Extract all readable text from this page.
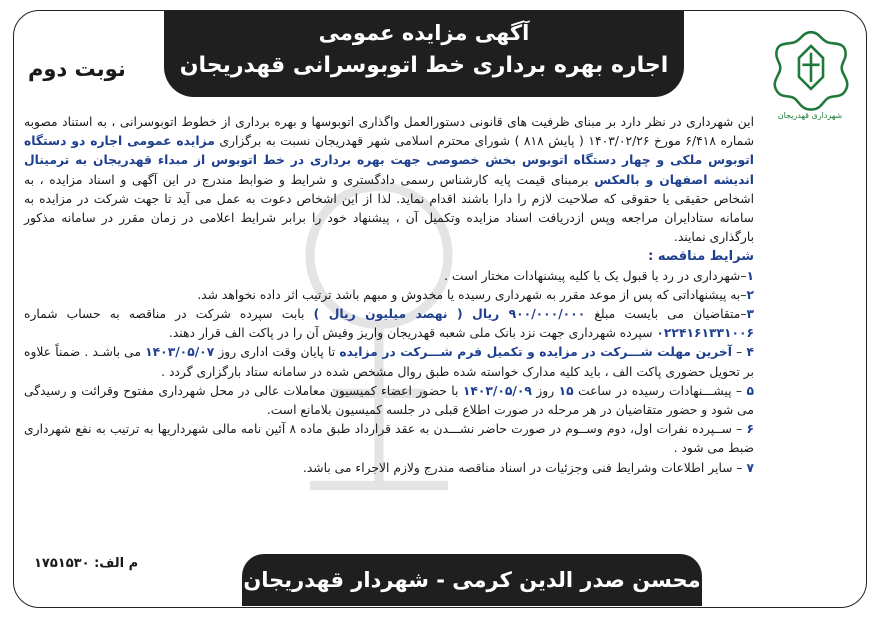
آگهی مزایده عمومی
اجاره بهره برداری خط اتوبوسرانی قهدریجان
نوبت دوم
شهرداری قهدریجان

این شهرداری در نظر دارد بر مبنای ظرفیت های قانونی دستورالعمل واگذاری اتوبوسها و بهره برداری از خطوط اتوبوسرانی ، به استناد مصوبه شماره ۶/۴۱۸ مورخ ۱۴۰۳/۰۲/۲۶ ( پایش ۸۱۸ ) شورای محترم اسلامی شهر قهدریجان نسبت به برگزاری مزایده عمومی اجاره دو دستگاه اتوبوس ملکی و چهار دستگاه اتوبوس بخش خصوصی جهت بهره برداری در خط اتوبوس از مبداء قهدریجان به ترمینال اندیشه اصفهان و بالعکس برمبنای قیمت پایه کارشناس رسمی دادگستری و شرایط و ضوابط مندرج در این آگهی و اسناد مزایده ، به اشخاص حقیقی یا حقوقی که صلاحیت لازم را دارا باشند اقدام نماید. لذا از این اشخاص دعوت به عمل می آید تا جهت شرکت در مزایده به سامانه ستادایران مراجعه وپس ازدریافت اسناد مزایده وتکمیل آن ، پیشنهاد خود را برابر شرایط اعلامی در زمان مقرر در سامانه مذکور بارگذاری نمایند.

شرایط مناقصه :

۱–شهرداری در رد یا قبول یک یا کلیه پیشنهادات مختار است .

۲–به پیشنهاداتی که پس از موعد مقرر به شهرداری رسیده یا مخدوش و مبهم باشد ترتیب اثر داده نخواهد شد.

۳–متقاضیان می بایست مبلغ ۹۰۰/۰۰۰/۰۰۰ ریال ( نهصد میلیون ریال ) بابت سپرده شرکت در مناقصه به حساب شماره ۰۲۲۴۱۶۱۳۳۱۰۰۶ سپرده شهرداری جهت نزد بانک ملی شعبه قهدریجان واریز وفیش آن را در پاکت الف قرار دهند.

۴ – آخرین مهلت شـــرکت در مزایده و تکمیل فرم شـــرکت در مزایده تا پایان وقت اداری روز ۱۴۰۳/۰۵/۰۷ می باشـد . ضمناً علاوه بر تحویل حضوری پاکت الف ، باید کلیه مدارک خواسته شده طبق روال مشخص شده در سامانه ستاد بارگزاری گردد .

۵ – پیشـــنهادات رسیده در ساعت ۱۵ روز ۱۴۰۳/۰۵/۰۹ با حضور اعضاء کمیسیون معاملات عالی در محل شهرداری مفتوح وقرائت و رسیدگی می شود و حضور متقاضیان در هر مرحله در صورت اطلاع قبلی در جلسه کمیسیون بلامانع است.

۶ – ســپرده نفرات اول، دوم وســوم در صورت حاضر نشـــدن به عقد قرارداد طبق ماده ۸ آئین نامه مالی شهرداریها به ترتیب به نفع شهرداری ضبط می شود .

۷ – سایر اطلاعات وشرایط فنی وجزئیات در اسناد مناقصه مندرج ولازم الاجراء می باشد.

م الف: ۱۷۵۱۵۳۰
محسن صدر الدین کرمی - شهردار قهدریجان
